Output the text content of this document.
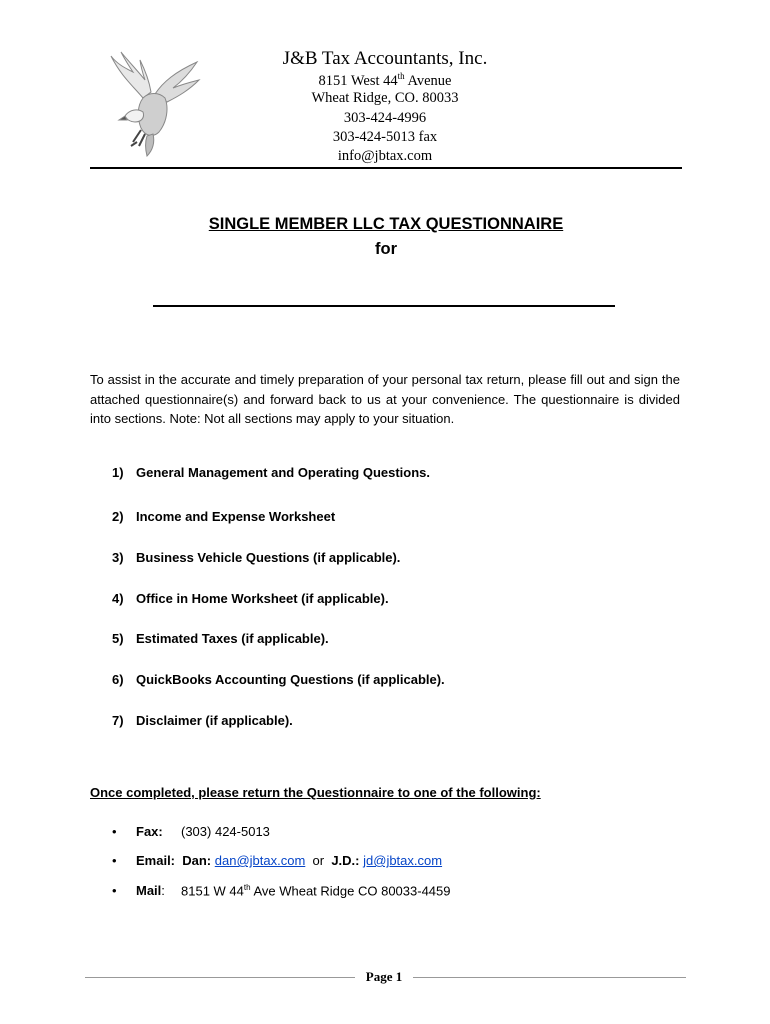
J&B Tax Accountants, Inc.
8151 West 44th Avenue
Wheat Ridge, CO. 80033
303-424-4996
303-424-5013 fax
info@jbtax.com
SINGLE MEMBER LLC TAX QUESTIONNAIRE
for
To assist in the accurate and timely preparation of your personal tax return, please fill out and sign the attached questionnaire(s) and forward back to us at your convenience. The questionnaire is divided into sections. Note: Not all sections may apply to your situation.
1) General Management and Operating Questions.
2) Income and Expense Worksheet
3) Business Vehicle Questions (if applicable).
4) Office in Home Worksheet (if applicable).
5) Estimated Taxes (if applicable).
6) QuickBooks Accounting Questions (if applicable).
7) Disclaimer (if applicable).
Once completed, please return the Questionnaire to one of the following:
• Fax: (303) 424-5013
• Email: Dan: dan@jbtax.com or J.D.: jd@jbtax.com
• Mail: 8151 W 44th Ave Wheat Ridge CO 80033-4459
Page 1
